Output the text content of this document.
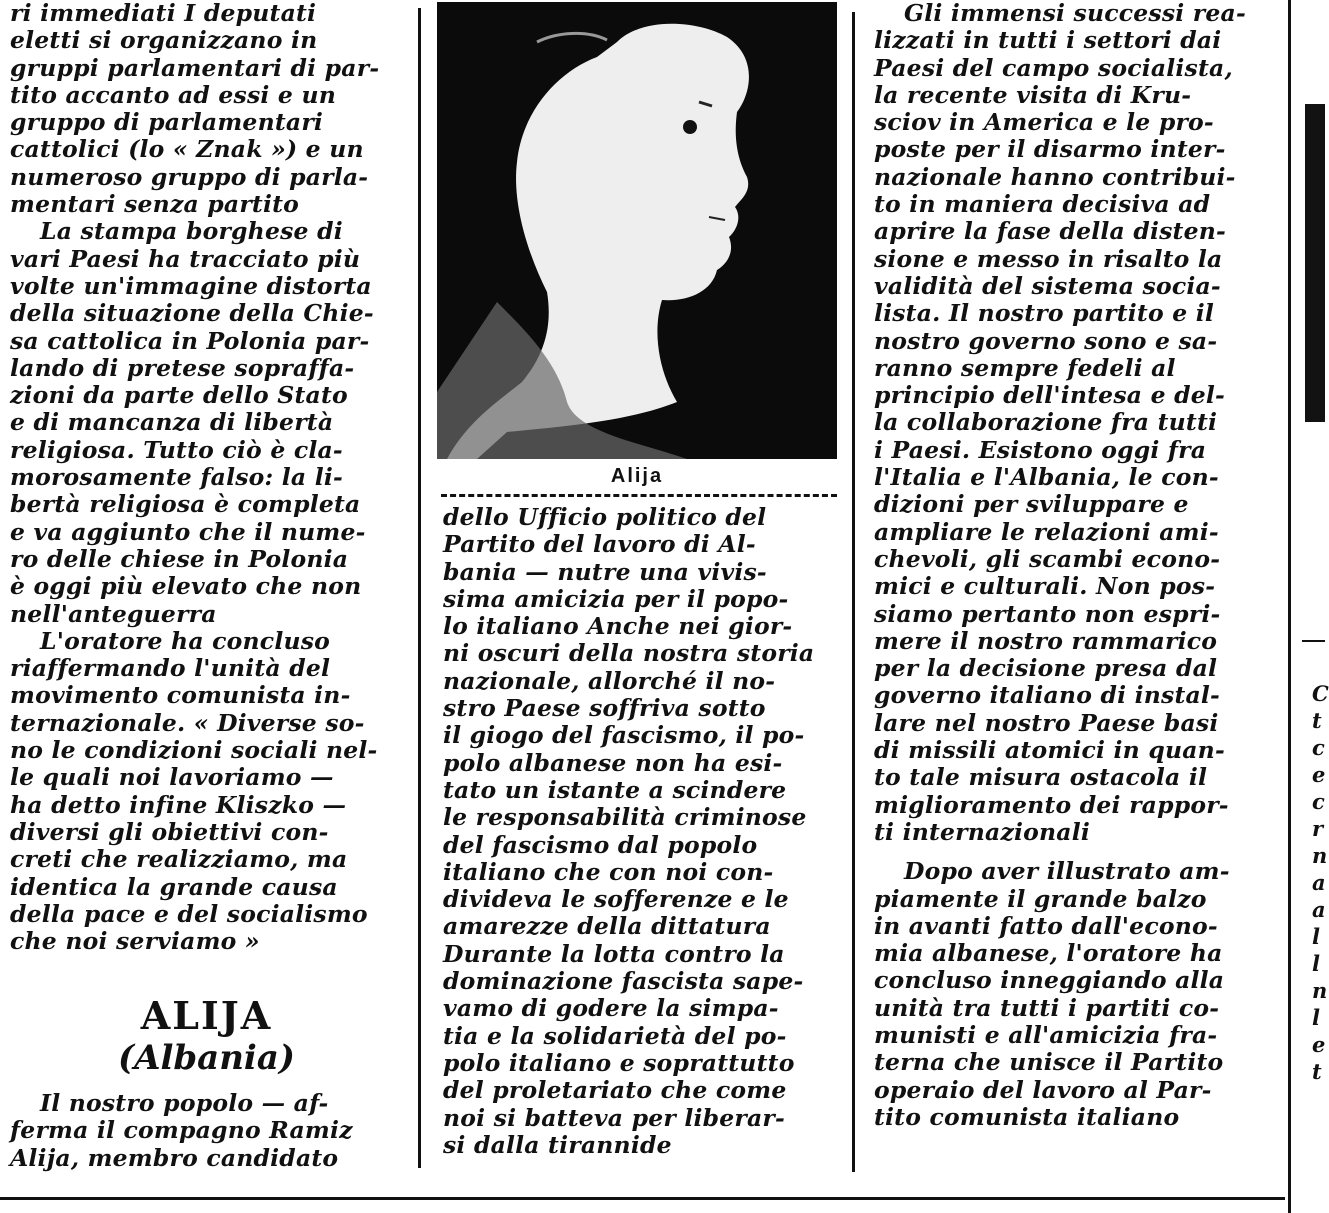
ri immediati I deputati
eletti si organizzano in
gruppi parlamentari di par-
tito accanto ad essi e un
gruppo di parlamentari
cattolici (lo « Znak ») e un
numeroso gruppo di parla-
mentari senza partito

La stampa borghese di
vari Paesi ha tracciato più
volte un'immagine distorta
della situazione della Chie-
sa cattolica in Polonia par-
lando di pretese sopraffa-
zioni da parte dello Stato
e di mancanza di libertà
religiosa. Tutto ciò è cla-
morosamente falso: la li-
bertà religiosa è completa
e va aggiunto che il nume-
ro delle chiese in Polonia
è oggi più elevato che non
nell'anteguerra

L'oratore ha concluso
riaffermando l'unità del
movimento comunista in-
ternazionale. « Diverse so-
no le condizioni sociali nel-
le quali noi lavoriamo —
ha detto infine Kliszko —
diversi gli obiettivi con-
creti che realizziamo, ma
identica la grande causa
della pace e del socialismo
che noi serviamo »

ALIJA
(Albania)

Il nostro popolo — af-
ferma il compagno Ramiz
Alija, membro candidato

Alija

dello Ufficio politico del
Partito del lavoro di Al-
bania — nutre una vivis-
sima amicizia per il popo-
lo italiano Anche nei gior-
ni oscuri della nostra storia
nazionale, allorché il no-
stro Paese soffriva sotto
il giogo del fascismo, il po-
polo albanese non ha esi-
tato un istante a scindere
le responsabilità criminose
del fascismo dal popolo
italiano che con noi con-
divideva le sofferenze e le
amarezze della dittatura
Durante la lotta contro la
dominazione fascista sape-
vamo di godere la simpa-
tia e la solidarietà del po-
polo italiano e soprattutto
del proletariato che come
noi si batteva per liberar-
si dalla tirannide

Gli immensi successi rea-
lizzati in tutti i settori dai
Paesi del campo socialista,
la recente visita di Kru-
sciov in America e le pro-
poste per il disarmo inter-
nazionale hanno contribui-
to in maniera decisiva ad
aprire la fase della disten-
sione e messo in risalto la
validità del sistema socia-
lista. Il nostro partito e il
nostro governo sono e sa-
ranno sempre fedeli al
principio dell'intesa e del-
la collaborazione fra tutti
i Paesi. Esistono oggi fra
l'Italia e l'Albania, le con-
dizioni per sviluppare e
ampliare le relazioni ami-
chevoli, gli scambi econo-
mici e culturali. Non pos-
siamo pertanto non espri-
mere il nostro rammarico
per la decisione presa dal
governo italiano di instal-
lare nel nostro Paese basi
di missili atomici in quan-
to tale misura ostacola il
miglioramento dei rappor-
ti internazionali

Dopo aver illustrato am-
piamente il grande balzo
in avanti fatto dall'econo-
mia albanese, l'oratore ha
concluso inneggiando alla
unità tra tutti i partiti co-
munisti e all'amicizia fra-
terna che unisce il Partito
operaio del lavoro al Par-
tito comunista italiano

C
t
c
e
c
r
n
a
a
l
l
n
l
e
t
